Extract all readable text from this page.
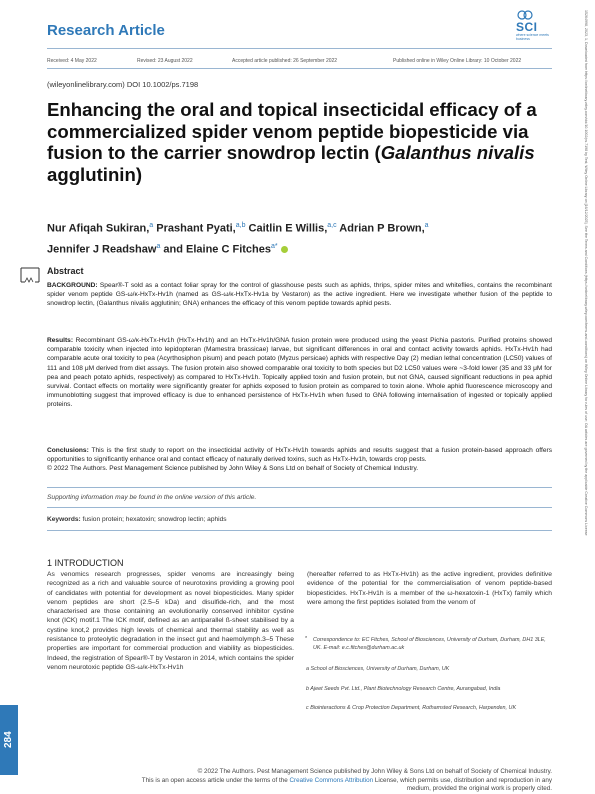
Research Article	SCI
where science meets business
Received: 4 May 2022	Revised: 23 August 2022	Accepted article published: 26 September 2022	Published online in Wiley Online Library: 10 October 2022
(wileyonlinelibrary.com) DOI 10.1002/ps.7198
Enhancing the oral and topical insecticidal efficacy of a commercialized spider venom peptide biopesticide via fusion to the carrier snowdrop lectin (Galanthus nivalis agglutinin)
Nur Afiqah Sukiran,$^a$ Prashant Pyati,$^{a,b}$ Caitlin E Willis,$^{a,c}$ Adrian P Brown,$^a$
Jennifer J Readshaw$^a$ and Elaine C Fitches$^{a*}$
Abstract
BACKGROUND: Spear®-T sold as a contact foliar spray for the control of glasshouse pests such as aphids, thrips, spider mites and whiteflies, contains the recombinant spider venom peptide GS-ω/κ-HxTx-Hv1h (named as GS-ω/κ-HxTx-Hv1a by Vestaron) as the active ingredient. Here we investigate whether fusion of the peptide to snowdrop lectin, (Galanthus nivalis agglutinin; GNA) enhances the efficacy of this venom peptide towards aphid pests.
Results: Recombinant GS-ω/κ-HxTx-Hv1h (HxTx-Hv1h) and an HxTx-Hv1h/GNA fusion protein were produced using the yeast Pichia pastoris. Purified proteins showed comparable toxicity when injected into lepidopteran (Mamestra brassicae) larvae, but significant differences in oral and contact activity towards aphids. HxTx-Hv1h had comparable acute oral toxicity to pea (Acyrthosiphon pisum) and peach potato (Myzus persicae) aphids with respective Day (2) median lethal concentration (LC50) values of 111 and 108 μM derived from diet assays. The fusion protein also showed comparable oral toxicity to both species but D2 LC50 values were ~3-fold lower (35 and 33 μM for pea and peach potato aphids, respectively) as compared to HxTx-Hv1h. Topically applied toxin and fusion protein, but not GNA, caused significant reductions in pea aphid survival. Contact effects on mortality were significantly greater for aphids exposed to fusion protein as compared to toxin alone. Whole aphid fluorescence microscopy and immunoblotting suggest that improved efficacy is due to enhanced persistence of HxTx-Hv1h when fused to GNA following internalisation of ingested or topically applied proteins.
Conclusions: This is the first study to report on the insecticidal activity of HxTx-Hv1h towards aphids and results suggest that a fusion protein-based approach offers opportunities to significantly enhance oral and contact efficacy of naturally derived toxins, such as HxTx-Hv1h, towards crop pests.
© 2022 The Authors. Pest Management Science published by John Wiley & Sons Ltd on behalf of Society of Chemical Industry.
Supporting information may be found in the online version of this article.
Keywords: fusion protein; hexatoxin; snowdrop lectin; aphids
1 INTRODUCTION
As venomics research progresses, spider venoms are increasingly being recognized as a rich and valuable source of neurotoxins providing a growing pool of candidates with potential for development as novel biopesticides. Many spider venom peptides are short (2.5–5 kDa) and disulfide-rich, and the most characterised are those containing an evolutionarily conserved inhibitor cystine knot (ICK) motif.1 The ICK motif, defined as an antiparallel ß-sheet stabilised by a cystine knot,2 provides high levels of chemical and thermal stability as well as resistance to proteolytic degradation in the insect gut and haemolymph.3–5 These properties are important for commercial production and viability as biopesticides. Indeed, the registration of Spear®-T by Vestaron in 2014, which contains the spider venom neurotoxic peptide GS-ω/κ-HxTx-Hv1h
(hereafter referred to as HxTx-Hv1h) as the active ingredient, provides definitive evidence of the potential for the commercialisation of venom peptide-based biopesticides. HxTx-Hv1h is a member of the ω-hexatoxin-1 (HxTx) family which were among the first peptides isolated from the venom of
* Correspondence to: EC Fitches, School of Biosciences, University of Durham, Durham, DH1 3LE, UK. E-mail: e.c.fitches@durham.ac.uk
a School of Biosciences, University of Durham, Durham, UK
b Ajeet Seeds Pvt. Ltd., Plant Biotechnology Research Centre, Aurangabad, India
c Biointeractions & Crop Protection Department, Rothamsted Research, Harpenden, UK
284
© 2022 The Authors. Pest Management Science published by John Wiley & Sons Ltd on behalf of Society of Chemical Industry.
This is an open access article under the terms of the Creative Commons Attribution License, which permits use, distribution and reproduction in any
medium, provided the original work is properly cited.
15264998, 2023, 1, Downloaded from https://onlinelibrary.wiley.com/doi/10.1002/ps.7198 by Test, Wiley Online Library on [16/12/2025]. See the Terms and Conditions (https://onlinelibrary.wiley.com/terms-and-conditions) on Wiley Online Library for rules of use; OA articles are governed by the applicable Creative Commons License
